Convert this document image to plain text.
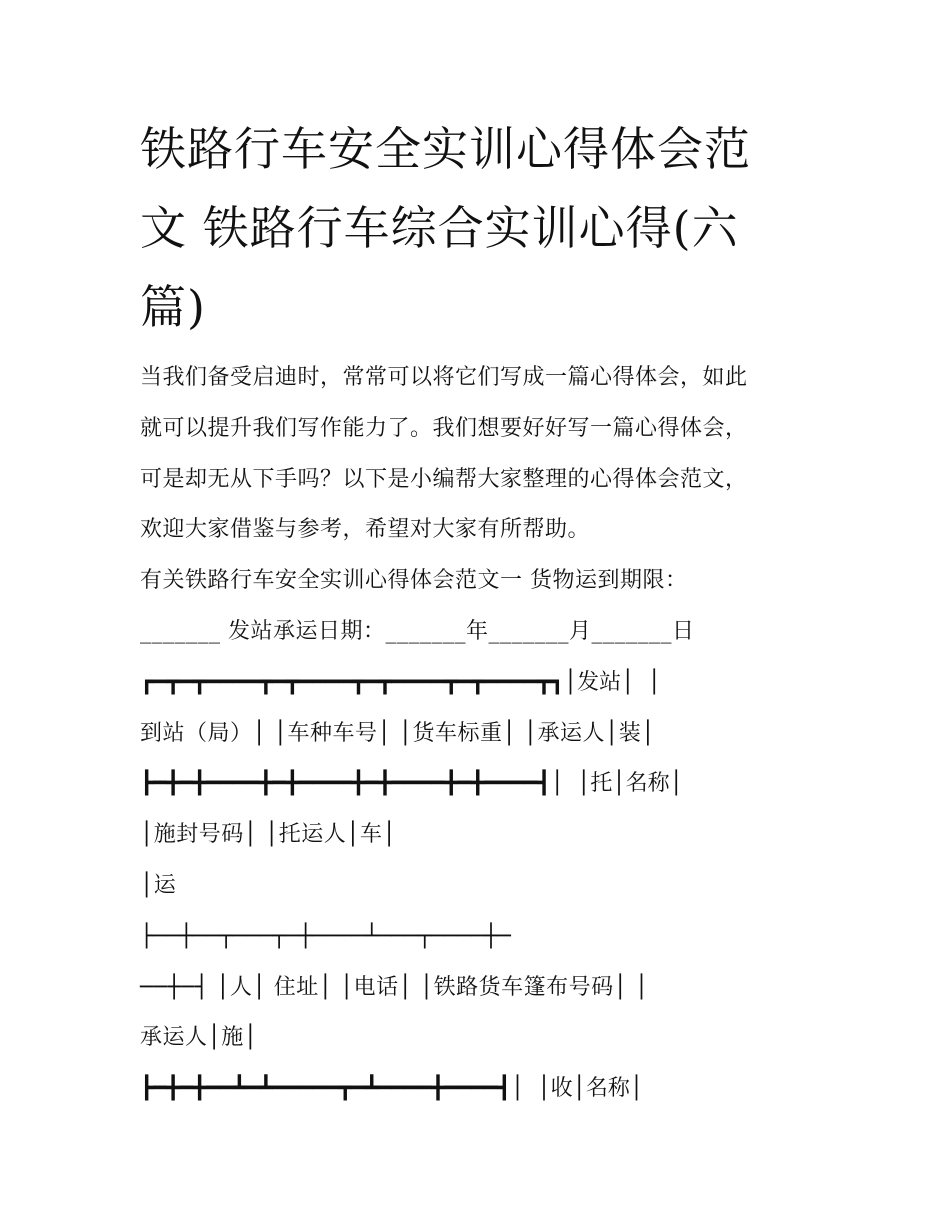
铁路行车安全实训心得体会范
文 铁路行车综合实训心得(六
篇)
当我们备受启迪时，常常可以将它们写成一篇心得体会，如此
就可以提升我们写作能力了。我们想要好好写一篇心得体会，
可是却无从下手吗？以下是小编帮大家整理的心得体会范文，
欢迎大家借鉴与参考，希望对大家有所帮助。
有关铁路行车安全实训心得体会范文一 货物运到期限：
_______ 发站承运日期：_______年_______月_______日
┏━┳━┳━━━━┳━┳━━━━┳━┳━━━━┳━┳━━━━┳┓│发站│ │
到站（局）│ │车种车号│ │货车标重│ │承运人│装│
┣━╋━╋━━━━╋━╋━━━━╋━╋━━━━╋━╋━━━━┫│ │托│名称│
│施封号码│ │托运人│车│
│运
├──┼──┬───┬─┼────┴───┬────┼─
──┼─┤ │人│ 住址│ │电话│ │铁路货车篷布号码│ │
承运人│施│
┣━╋━╋━━┻━┻━━━━━┳━┻━━━━╋━━━━┫│ │收│名称│
